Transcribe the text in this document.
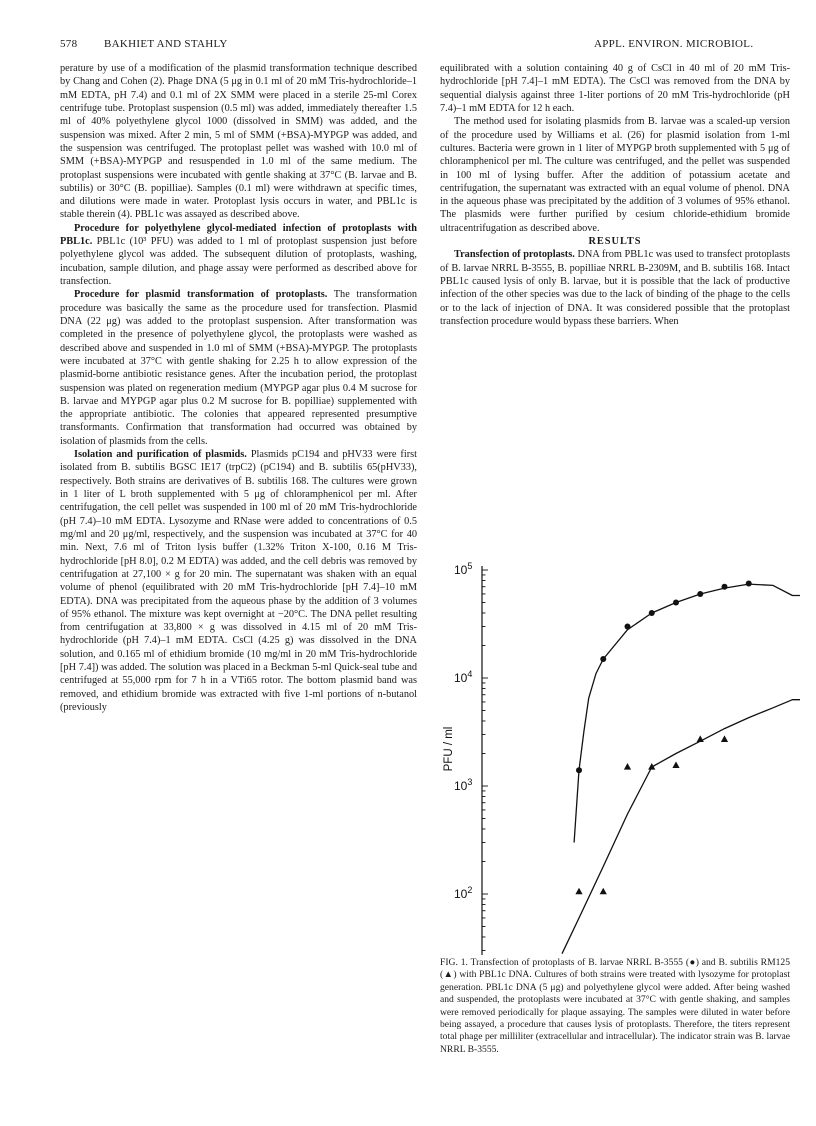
578 BAKHIET AND STAHLY	APPL. ENVIRON. MICROBIOL.

perature by use of a modification of the plasmid transformation technique described by Chang and Cohen (2). Phage DNA (5 μg in 0.1 ml of 20 mM Tris-hydrochloride–1 mM EDTA, pH 7.4) and 0.1 ml of 2X SMM were placed in a sterile 25-ml Corex centrifuge tube. Protoplast suspension (0.5 ml) was added, immediately thereafter 1.5 ml of 40% polyethylene glycol 1000 (dissolved in SMM) was added, and the suspension was mixed. After 2 min, 5 ml of SMM (+BSA)-MYPGP was added, and the suspension was centrifuged. The protoplast pellet was washed with 10.0 ml of SMM (+BSA)-MYPGP and resuspended in 1.0 ml of the same medium. The protoplast suspensions were incubated with gentle shaking at 37°C (B. larvae and B. subtilis) or 30°C (B. popilliae). Samples (0.1 ml) were withdrawn at specific times, and dilutions were made in water. Protoplast lysis occurs in water, and PBL1c is stable therein (4). PBL1c was assayed as described above.

Procedure for polyethylene glycol-mediated infection of protoplasts with PBL1c. PBL1c (10³ PFU) was added to 1 ml of protoplast suspension just before polyethylene glycol was added. The subsequent dilution of protoplasts, washing, incubation, sample dilution, and phage assay were performed as described above for transfection.

Procedure for plasmid transformation of protoplasts. The transformation procedure was basically the same as the procedure used for transfection. Plasmid DNA (22 μg) was added to the protoplast suspension. After transformation was completed in the presence of polyethylene glycol, the protoplasts were washed as described above and suspended in 1.0 ml of SMM (+BSA)-MYPGP. The protoplasts were incubated at 37°C with gentle shaking for 2.25 h to allow expression of the plasmid-borne antibiotic resistance genes. After the incubation period, the protoplast suspension was plated on regeneration medium (MYPGP agar plus 0.4 M sucrose for B. larvae and MYPGP agar plus 0.2 M sucrose for B. popilliae) supplemented with the appropriate antibiotic. The colonies that appeared represented presumptive transformants. Confirmation that transformation had occurred was obtained by isolation of plasmids from the cells.

Isolation and purification of plasmids. Plasmids pC194 and pHV33 were first isolated from B. subtilis BGSC IE17 (trpC2) (pC194) and B. subtilis 65(pHV33), respectively. Both strains are derivatives of B. subtilis 168. The cultures were grown in 1 liter of L broth supplemented with 5 μg of chloramphenicol per ml. After centrifugation, the cell pellet was suspended in 100 ml of 20 mM Tris-hydrochloride (pH 7.4)–10 mM EDTA. Lysozyme and RNase were added to concentrations of 0.5 mg/ml and 20 μg/ml, respectively, and the suspension was incubated at 37°C for 40 min. Next, 7.6 ml of Triton lysis buffer (1.32% Triton X-100, 0.16 M Tris-hydrochloride [pH 8.0], 0.2 M EDTA) was added, and the cell debris was removed by centrifugation at 27,100 × g for 20 min. The supernatant was shaken with an equal volume of phenol (equilibrated with 20 mM Tris-hydrochloride [pH 7.4]–10 mM EDTA). DNA was precipitated from the aqueous phase by the addition of 3 volumes of 95% ethanol. The mixture was kept overnight at −20°C. The DNA pellet resulting from centrifugation at 33,800 × g was dissolved in 4.15 ml of 20 mM Tris-hydrochloride (pH 7.4)–1 mM EDTA. CsCl (4.25 g) was dissolved in the DNA solution, and 0.165 ml of ethidium bromide (10 mg/ml in 20 mM Tris-hydrochloride [pH 7.4]) was added. The solution was placed in a Beckman 5-ml Quick-seal tube and centrifuged at 55,000 rpm for 7 h in a VTi65 rotor. The bottom plasmid band was removed, and ethidium bromide was extracted with five 1-ml portions of n-butanol (previously

equilibrated with a solution containing 40 g of CsCl in 40 ml of 20 mM Tris-hydrochloride [pH 7.4]–1 mM EDTA). The CsCl was removed from the DNA by sequential dialysis against three 1-liter portions of 20 mM Tris-hydrochloride (pH 7.4)–1 mM EDTA for 12 h each.

The method used for isolating plasmids from B. larvae was a scaled-up version of the procedure used by Williams et al. (26) for plasmid isolation from 1-ml cultures. Bacteria were grown in 1 liter of MYPGP broth supplemented with 5 μg of chloramphenicol per ml. The culture was centrifuged, and the pellet was suspended in 100 ml of lysing buffer. After the addition of potassium acetate and centrifugation, the supernatant was extracted with an equal volume of phenol. DNA in the aqueous phase was precipitated by the addition of 3 volumes of 95% ethanol. The plasmids were further purified by cesium chloride-ethidium bromide ultracentrifugation as described above.

RESULTS

Transfection of protoplasts. DNA from PBL1c was used to transfect protoplasts of B. larvae NRRL B-3555, B. popilliae NRRL B-2309M, and B. subtilis 168. Intact PBL1c caused lysis of only B. larvae, but it is possible that the lack of productive infection of the other species was due to the lack of binding of the phage to the cells or to the lack of injection of DNA. It was considered possible that the protoplast transfection procedure would bypass these barriers. When

$10^2$
$10^3$
$10^4$
$10^5$
PFU / ml
FIG. 1. Transfection of protoplasts of B. larvae NRRL B-3555 (●) and B. subtilis RM125 (▲) with PBL1c DNA. Cultures of both strains were treated with lysozyme for protoplast generation. PBL1c DNA (5 μg) and polyethylene glycol were added. After being washed and suspended, the protoplasts were incubated at 37°C with gentle shaking, and samples were removed periodically for plaque assaying. The samples were diluted in water before being assayed, a procedure that causes lysis of protoplasts. Therefore, the titers represent total phage per milliliter (extracellular and intracellular). The indicator strain was B. larvae NRRL B-3555.
